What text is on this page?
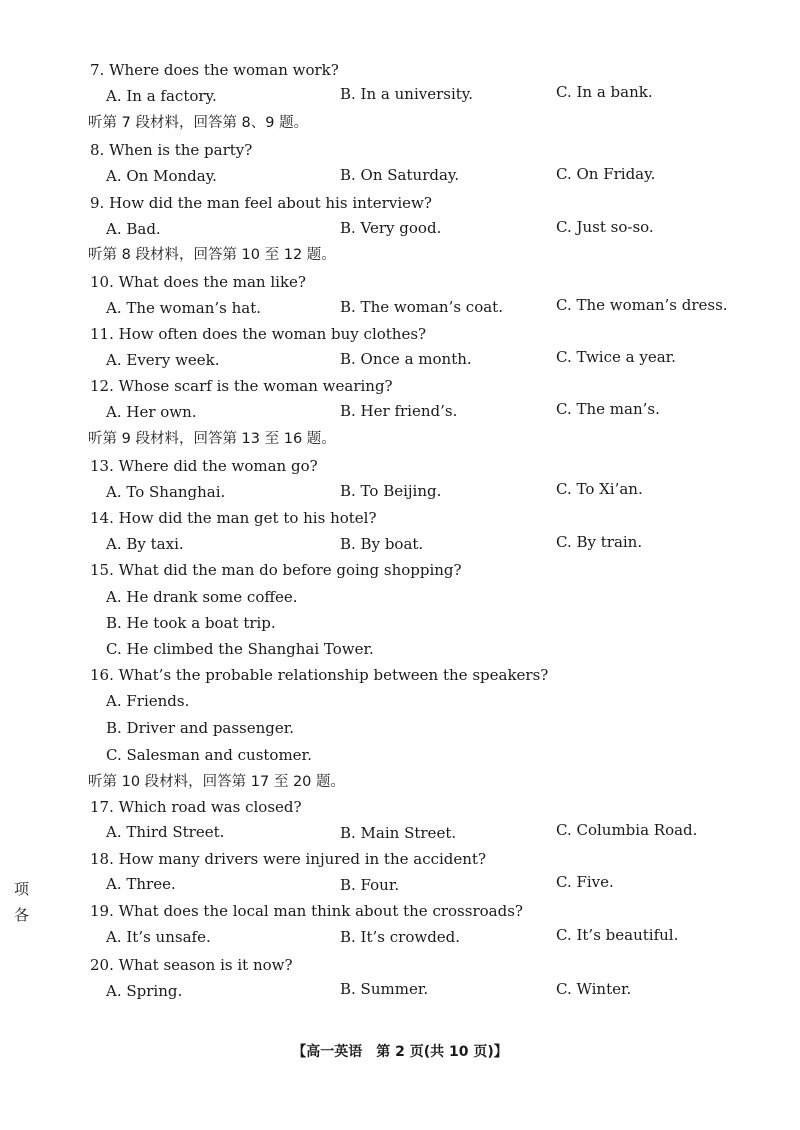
7. Where does the woman work?
A. In a factory.	B. In a university.	C. In a bank.
听第 7 段材料，回答第 8、9 题。
8. When is the party?
A. On Monday.	B. On Saturday.	C. On Friday.
9. How did the man feel about his interview?
A. Bad.	B. Very good.	C. Just so-so.
听第 8 段材料，回答第 10 至 12 题。
10. What does the man like?
A. The woman’s hat.	B. The woman’s coat.	C. The woman’s dress.
11. How often does the woman buy clothes?
A. Every week.	B. Once a month.	C. Twice a year.
12. Whose scarf is the woman wearing?
A. Her own.	B. Her friend’s.	C. The man’s.
听第 9 段材料，回答第 13 至 16 题。
13. Where did the woman go?
A. To Shanghai.	B. To Beijing.	C. To Xi’an.
14. How did the man get to his hotel?
A. By taxi.	B. By boat.	C. By train.
15. What did the man do before going shopping?
A. He drank some coffee.
B. He took a boat trip.
C. He climbed the Shanghai Tower.
16. What’s the probable relationship between the speakers?
A. Friends.
B. Driver and passenger.
C. Salesman and customer.
听第 10 段材料，回答第 17 至 20 题。
17. Which road was closed?
A. Third Street.	B. Main Street.	C. Columbia Road.
18. How many drivers were injured in the accident?
A. Three.	B. Four.	C. Five.
19. What does the local man think about the crossroads?
A. It’s unsafe.	B. It’s crowded.	C. It’s beautiful.
20. What season is it now?
A. Spring.	B. Summer.	C. Winter.
项
各
【高一英语　第 2 页(共 10 页)】
